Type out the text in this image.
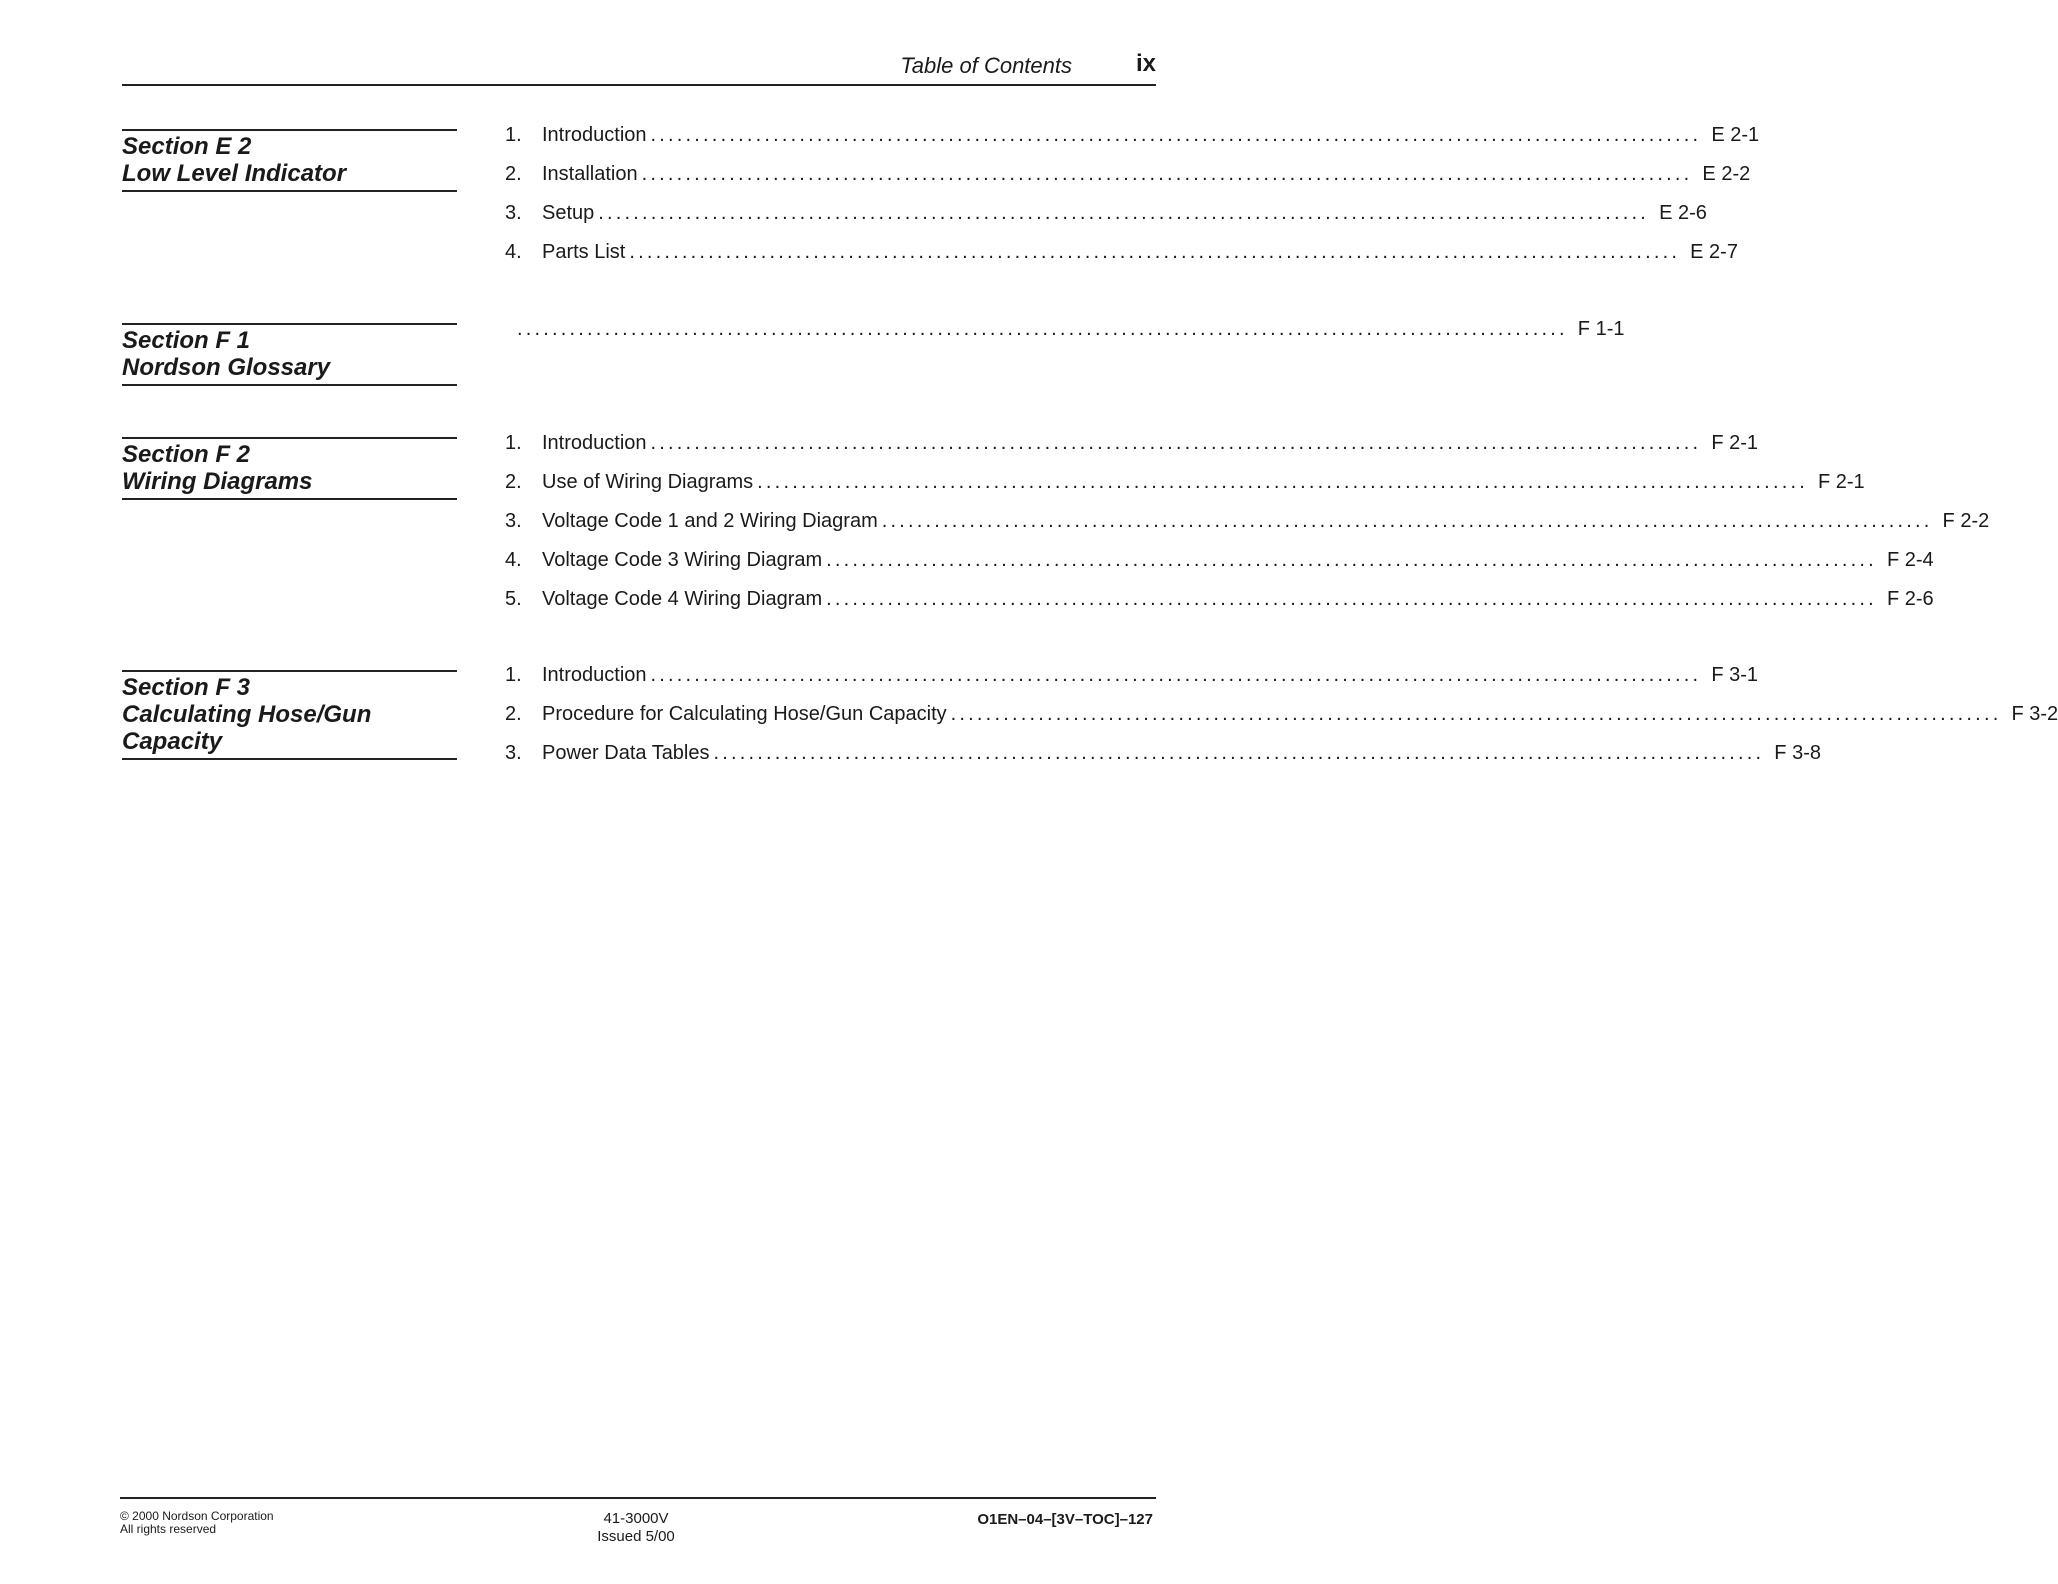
Table of Contents	ix
Section E 2
Low Level Indicator
1.	Introduction ........................................................................................................................ E 2-1
2.	Installation ........................................................................................................................ E 2-2
3.	Setup ........................................................................................................................ E 2-6
4.	Parts List ........................................................................................................................ E 2-7
Section F 1
Nordson Glossary
........................................................................................................................ F 1-1
Section F 2
Wiring Diagrams
1.	Introduction ........................................................................................................................ F 2-1
2.	Use of Wiring Diagrams ........................................................................................................................ F 2-1
3.	Voltage Code 1 and 2 Wiring Diagram ........................................................................................................................ F 2-2
4.	Voltage Code 3 Wiring Diagram ........................................................................................................................ F 2-4
5.	Voltage Code 4 Wiring Diagram ........................................................................................................................ F 2-6
Section F 3
Calculating Hose/Gun
Capacity
1.	Introduction ........................................................................................................................ F 3-1
2.	Procedure for Calculating Hose/Gun Capacity ........................................................................................................................ F 3-2
3.	Power Data Tables ........................................................................................................................ F 3-8
© 2000 Nordson Corporation
All rights reserved
41-3000V
Issued 5/00
O1EN–04–[3V–TOC]–127
